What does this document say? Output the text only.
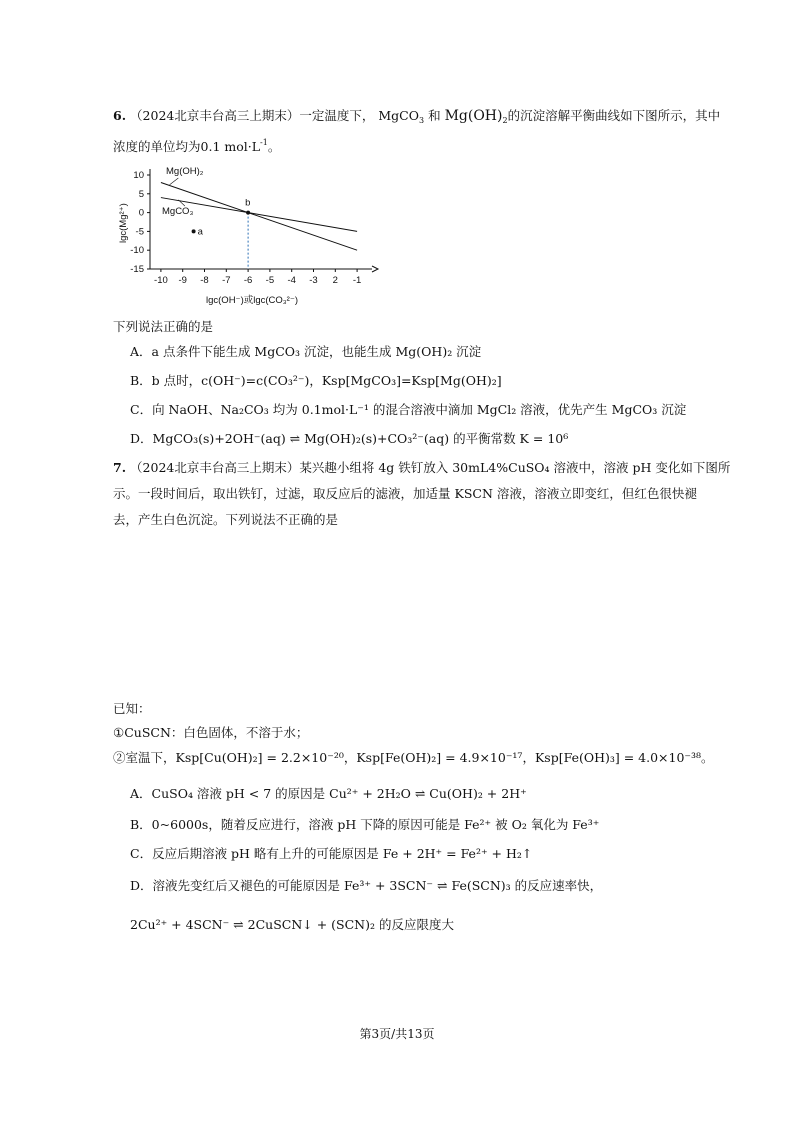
6. （2024北京丰台高三上期末）一定温度下， MgCO$_3$ 和 $Mg(OH)_2$的沉淀溶解平衡曲线如下图所示，其中
浓度的单位均为0.1 $mol\cdot L^{-1}$。
10
5
0
-5
-10
-15
-10 -9 -8 -7 -6 -5 -4 -3 2 -1
a
b
Mg(OH)₂
MgCO₃
lgc(OH⁻)或lgc(CO₃²⁻)
lgc(Mg²⁺)
下列说法正确的是
A．a 点条件下能生成 MgCO₃ 沉淀，也能生成 Mg(OH)₂ 沉淀
B．b 点时，c(OH⁻)=c(CO₃²⁻)，Ksp[MgCO₃]=Ksp[Mg(OH)₂]
C．向 NaOH、Na₂CO₃ 均为 0.1mol·L⁻¹ 的混合溶液中滴加 MgCl₂ 溶液，优先产生 MgCO₃ 沉淀
D．MgCO₃(s)+2OH⁻(aq) ⇌ Mg(OH)₂(s)+CO₃²⁻(aq) 的平衡常数 K = 10⁶
7. （2024北京丰台高三上期末）某兴趣小组将 4g 铁钉放入 30mL4%CuSO₄ 溶液中，溶液 pH 变化如下图所
示。一段时间后，取出铁钉，过滤，取反应后的滤液，加适量 KSCN 溶液，溶液立即变红，但红色很快褪
去，产生白色沉淀。下列说法不正确的是
已知：
①CuSCN：白色固体，不溶于水；
②室温下，Ksp[Cu(OH)₂] = 2.2×10⁻²⁰，Ksp[Fe(OH)₂] = 4.9×10⁻¹⁷，Ksp[Fe(OH)₃] = 4.0×10⁻³⁸。
A．CuSO₄ 溶液 pH < 7 的原因是 Cu²⁺ + 2H₂O ⇌ Cu(OH)₂ + 2H⁺
B．0~6000s，随着反应进行，溶液 pH 下降的原因可能是 Fe²⁺ 被 O₂ 氧化为 Fe³⁺
C．反应后期溶液 pH 略有上升的可能原因是 Fe + 2H⁺ = Fe²⁺ + H₂↑
D．溶液先变红后又褪色的可能原因是 Fe³⁺ + 3SCN⁻ ⇌ Fe(SCN)₃ 的反应速率快，
2Cu²⁺ + 4SCN⁻ ⇌ 2CuSCN↓ + (SCN)₂ 的反应限度大
第3页/共13页
